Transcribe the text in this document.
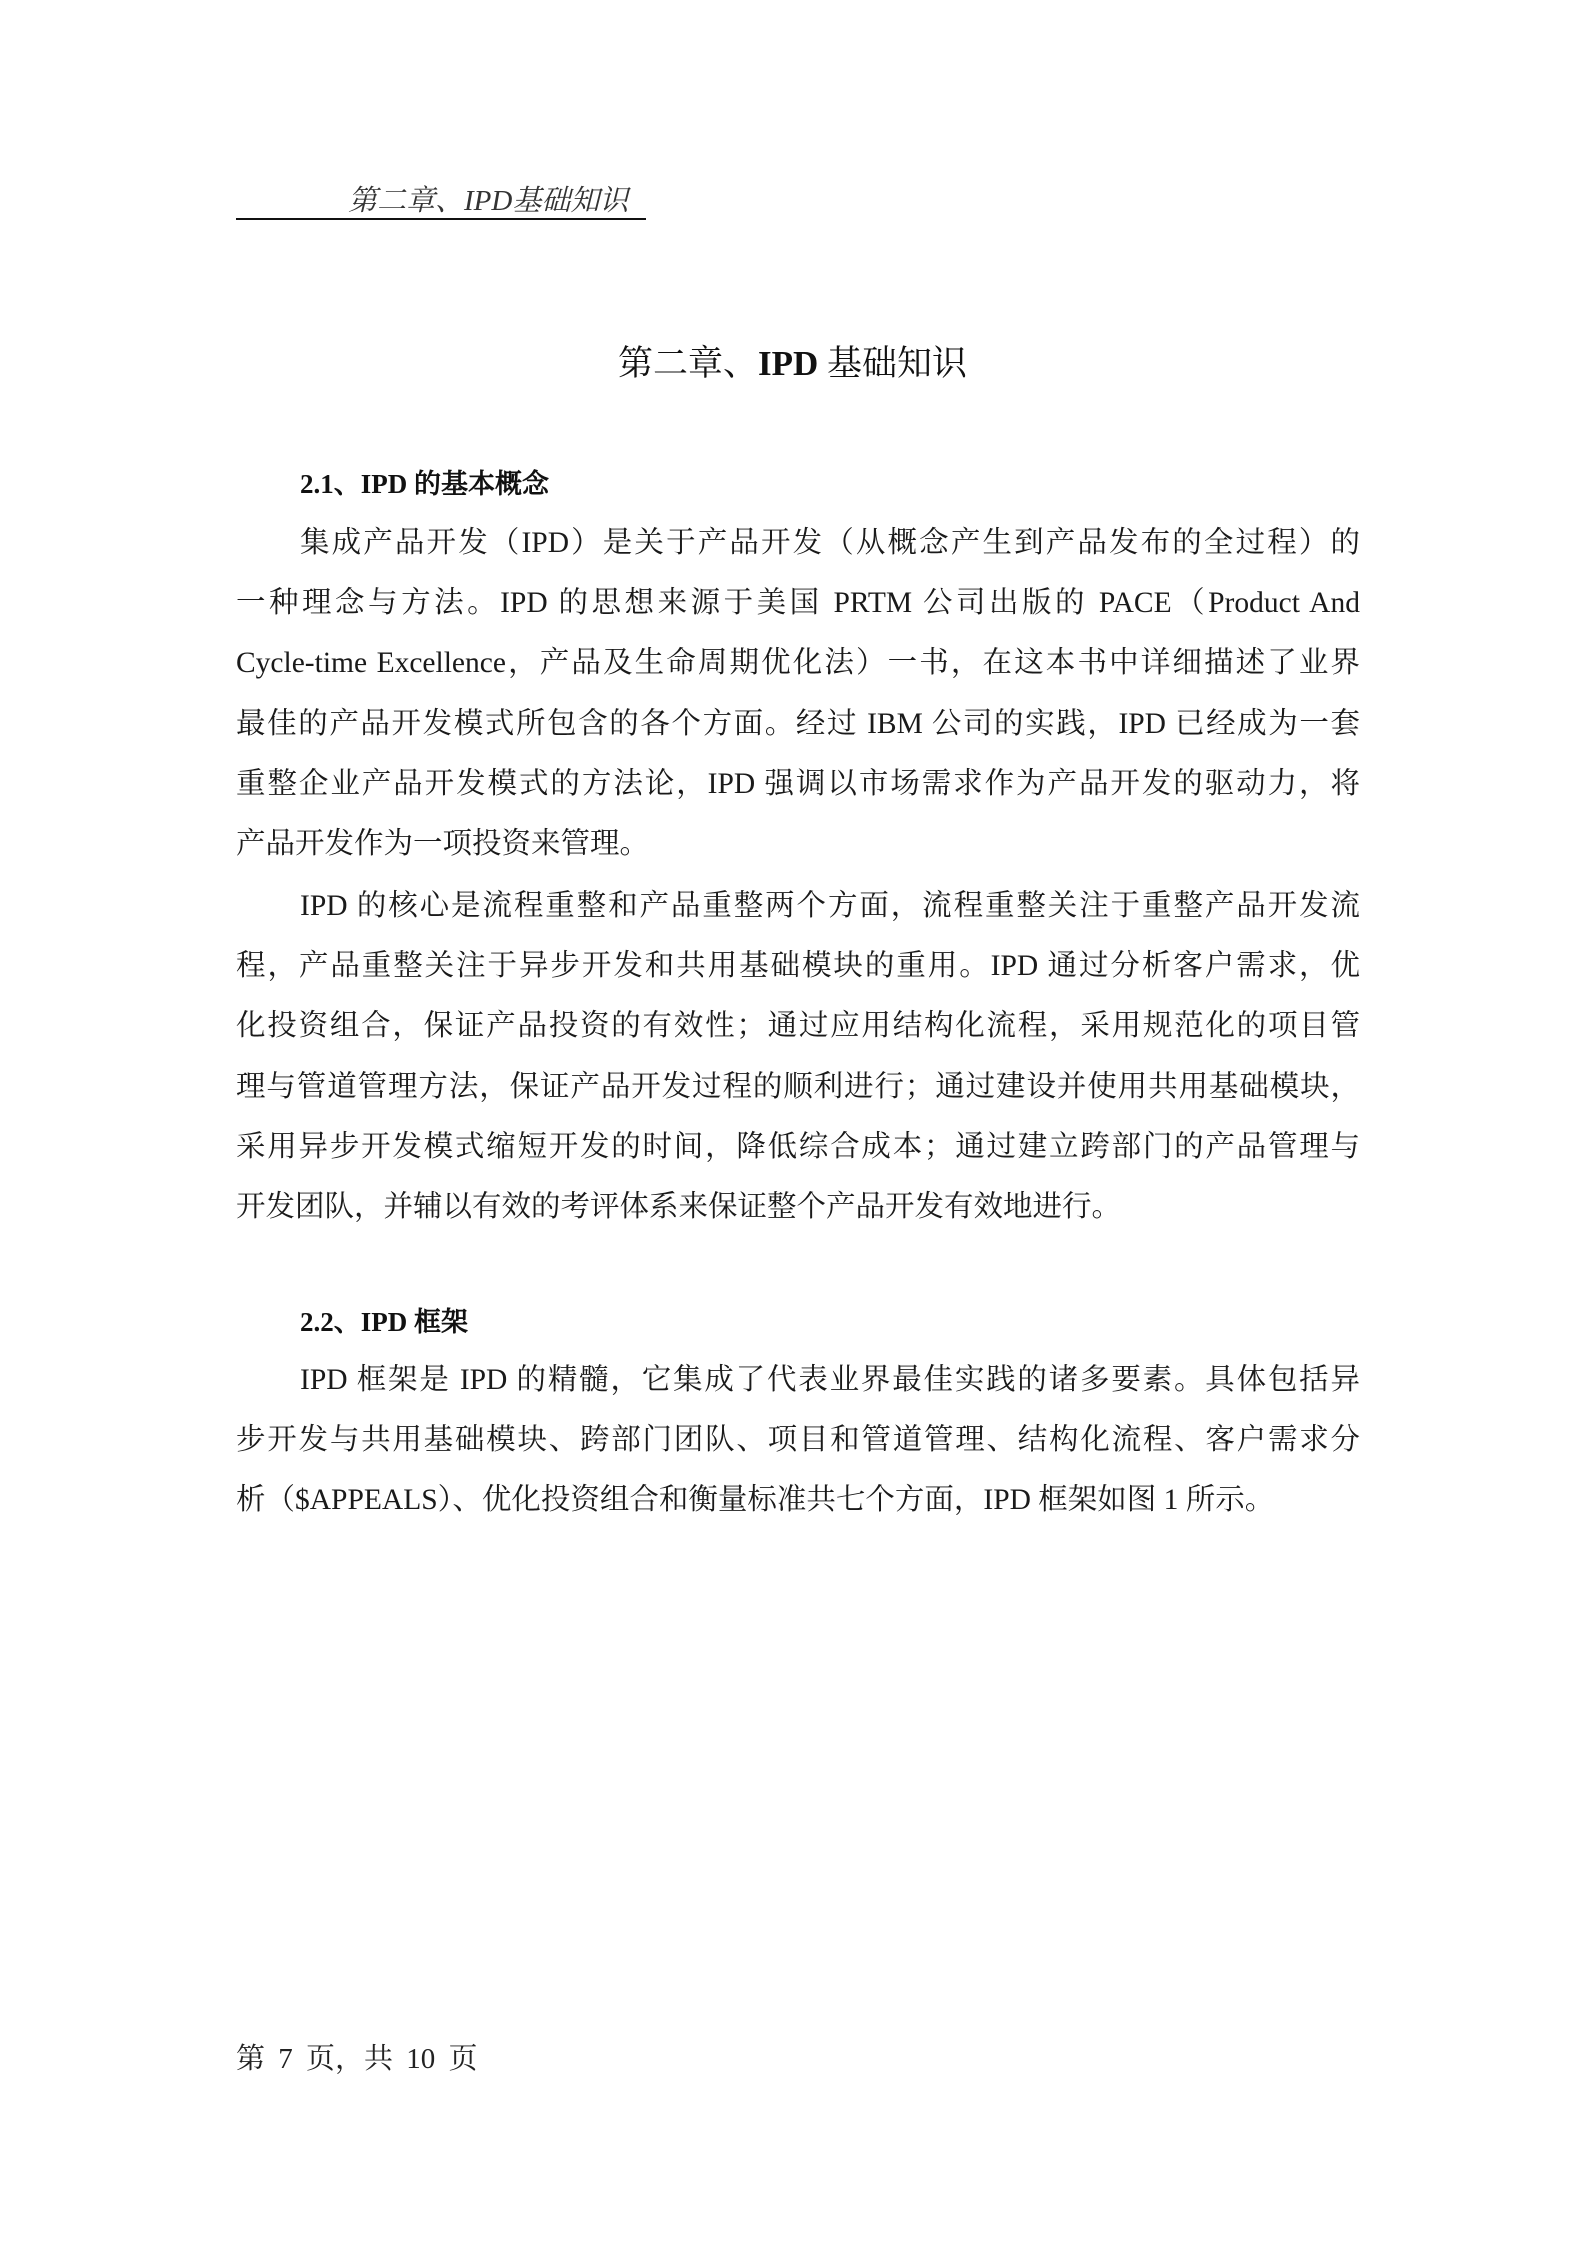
第二章、IPD基础知识
第二章、IPD 基础知识
2.1、IPD 的基本概念
集成产品开发（IPD）是关于产品开发（从概念产生到产品发布的全过程）的
一种理念与方法。IPD 的思想来源于美国 PRTM 公司出版的 PACE（Product And
Cycle-time Excellence，产品及生命周期优化法）一书，在这本书中详细描述了业界
最佳的产品开发模式所包含的各个方面。经过 IBM 公司的实践，IPD 已经成为一套
重整企业产品开发模式的方法论，IPD 强调以市场需求作为产品开发的驱动力，将
产品开发作为一项投资来管理。
IPD 的核心是流程重整和产品重整两个方面，流程重整关注于重整产品开发流
程，产品重整关注于异步开发和共用基础模块的重用。IPD 通过分析客户需求，优
化投资组合，保证产品投资的有效性；通过应用结构化流程，采用规范化的项目管
理与管道管理方法，保证产品开发过程的顺利进行；通过建设并使用共用基础模块，
采用异步开发模式缩短开发的时间，降低综合成本；通过建立跨部门的产品管理与
开发团队，并辅以有效的考评体系来保证整个产品开发有效地进行。
2.2、IPD 框架
IPD 框架是 IPD 的精髓，它集成了代表业界最佳实践的诸多要素。具体包括异
步开发与共用基础模块、跨部门团队、项目和管道管理、结构化流程、客户需求分
析（$APPEALS）、优化投资组合和衡量标准共七个方面，IPD 框架如图 1 所示。
第 7 页，共 10 页
